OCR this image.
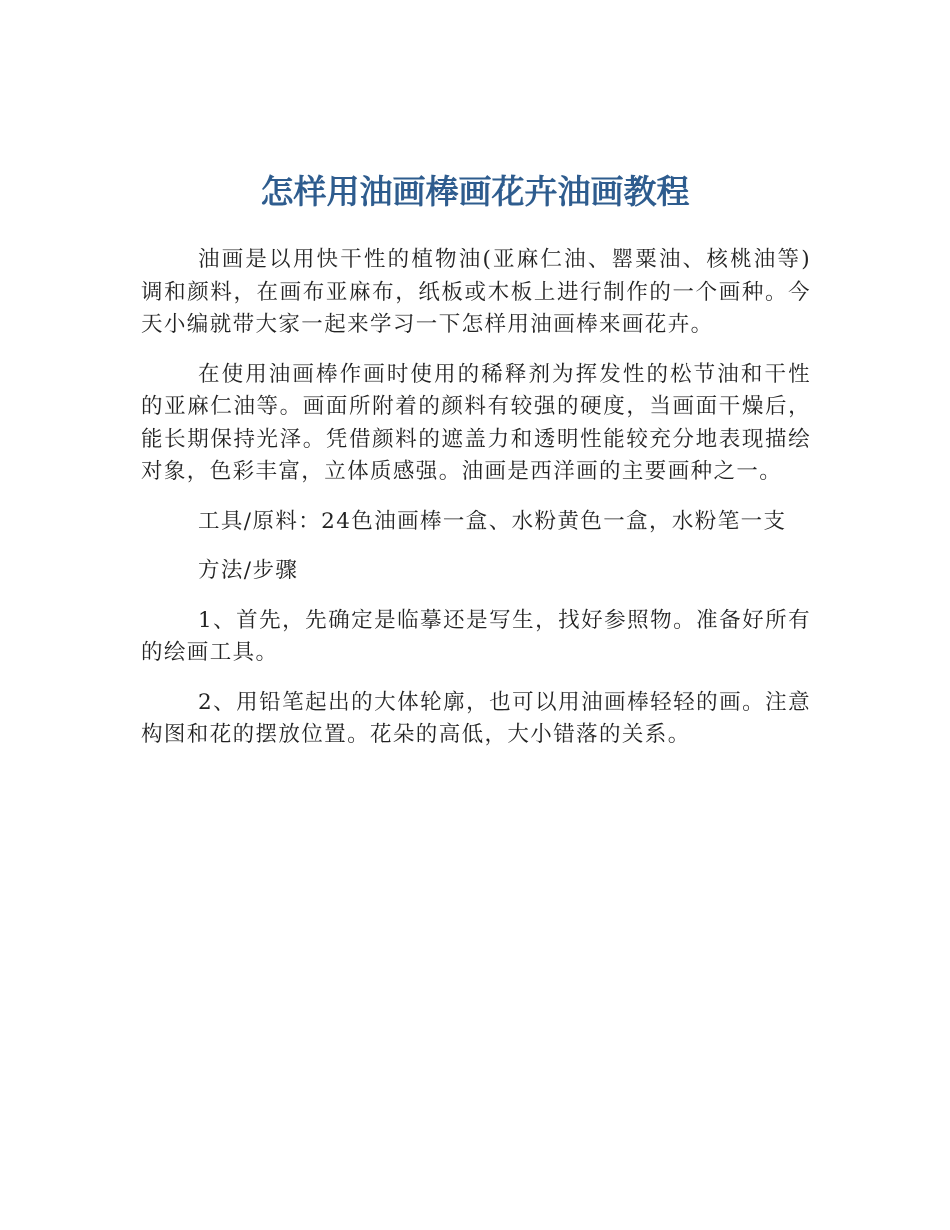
怎样用油画棒画花卉油画教程

油画是以用快干性的植物油(亚麻仁油、罂粟油、核桃油等)调和颜料，在画布亚麻布，纸板或木板上进行制作的一个画种。今天小编就带大家一起来学习一下怎样用油画棒来画花卉。

在使用油画棒作画时使用的稀释剂为挥发性的松节油和干性的亚麻仁油等。画面所附着的颜料有较强的硬度，当画面干燥后，能长期保持光泽。凭借颜料的遮盖力和透明性能较充分地表现描绘对象，色彩丰富，立体质感强。油画是西洋画的主要画种之一。

工具/原料：24色油画棒一盒、水粉黄色一盒，水粉笔一支

方法/步骤

1、首先，先确定是临摹还是写生，找好参照物。准备好所有的绘画工具。

2、用铅笔起出的大体轮廓，也可以用油画棒轻轻的画。注意构图和花的摆放位置。花朵的高低，大小错落的关系。
